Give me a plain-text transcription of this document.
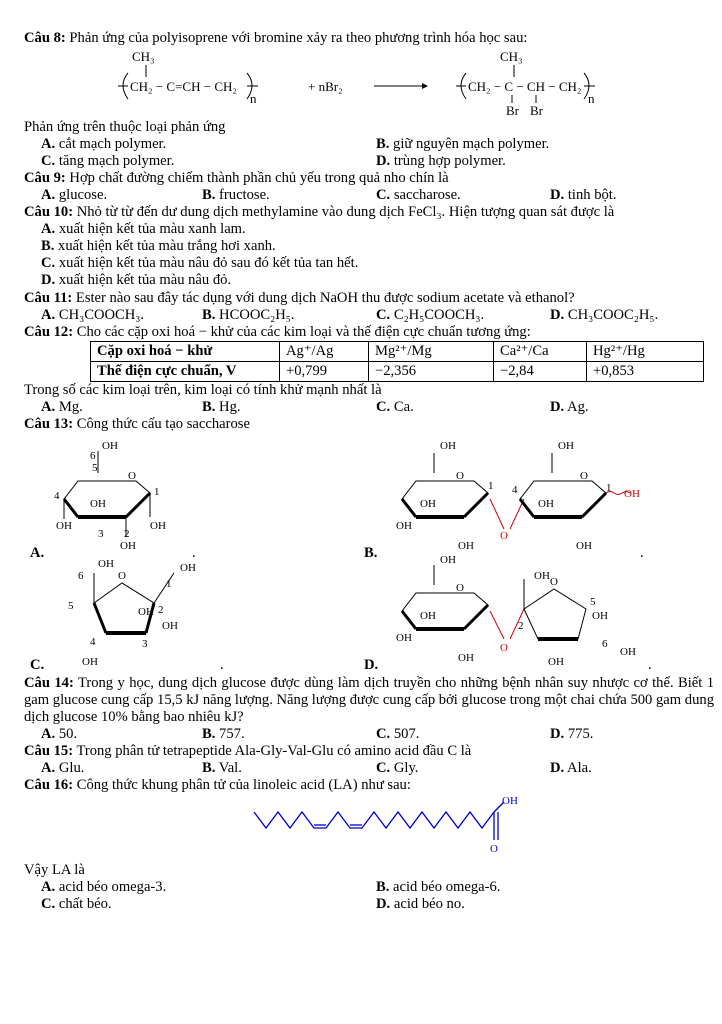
Câu 8: Phản ứng của polyisoprene với bromine xảy ra theo phương trình hóa học sau:
CH₃
CH₂ − C=CH − CH₂
n
+ nBr₂
CH₃
CH₂ − C − CH − CH₂
n
Br Br
Phản ứng trên thuộc loại phản ứng
A. cắt mạch polymer.	B. giữ nguyên mạch polymer.
C. tăng mạch polymer.	D. trùng hợp polymer.
Câu 9: Hợp chất đường chiếm thành phần chủ yếu trong quả nho chín là
A. glucose.	B. fructose.	C. saccharose.	D. tinh bột.
Câu 10: Nhỏ từ từ đến dư dung dịch methylamine vào dung dịch FeCl₃. Hiện tượng quan sát được là
A. xuất hiện kết tủa màu xanh lam.
B. xuất hiện kết tủa màu trắng hơi xanh.
C. xuất hiện kết tủa màu nâu đỏ sau đó kết tủa tan hết.
D. xuất hiện kết tủa màu nâu đỏ.
Câu 11: Ester nào sau đây tác dụng với dung dịch NaOH thu được sodium acetate và ethanol?
A. CH₃COOCH₃.	B. HCOOC₂H₅.	C. C₂H₅COOCH₃.	D. CH₃COOC₂H₅.
Câu 12: Cho các cặp oxi hoá − khử của các kim loại và thế điện cực chuẩn tương ứng:
Cặp oxi hoá − khử	Ag⁺/Ag	Mg²⁺/Mg	Ca²⁺/Ca	Hg²⁺/Hg
Thế điện cực chuẩn, V	+0,799	−2,356	−2,84	+0,853
Trong số các kim loại trên, kim loại có tính khử mạnh nhất là
A. Mg.	B. Hg.	C. Ca.	D. Ag.
Câu 13: Công thức cấu tạo saccharose
OH
O
OH
OH	OH
OH
5
6
4
3 2
1
A.	.
OH
O
OH
OH
OH
1
O
OH
O
OH
OH
4	1 OH
B.	.
O
OH	OH
OH
OH
OH
5
6
1
2
3
4
C.	.
OH
O
OH
OH
OH
O
O
OH
OH
OH
OH
2
5
6
D.	.
Câu 14: Trong y học, dung dịch glucose được dùng làm dịch truyền cho những bệnh nhân suy nhược cơ thể. Biết 1 gam glucose cung cấp 15,5 kJ năng lượng. Năng lượng được cung cấp bởi glucose trong một chai chứa 500 gam dung dịch glucose 10% bằng bao nhiêu kJ?
A. 50.	B. 757.	C. 507.	D. 775.
Câu 15: Trong phân tử tetrapeptide Ala-Gly-Val-Glu có amino acid đầu C là
A. Glu.	B. Val.	C. Gly.	D. Ala.
Câu 16: Công thức khung phân tử của linoleic acid (LA) như sau:
OH
O
Vậy LA là
A. acid béo omega-3.	B. acid béo omega-6.
C. chất béo.	D. acid béo no.
